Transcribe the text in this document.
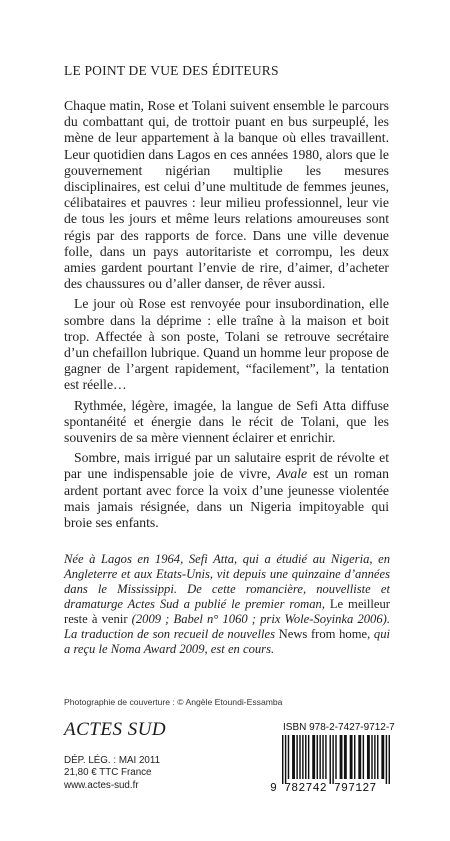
LE POINT DE VUE DES ÉDITEURS

Chaque matin, Rose et Tolani suivent ensemble le parcours du combattant qui, de trottoir puant en bus surpeuplé, les mène de leur appartement à la banque où elles travaillent. Leur quotidien dans Lagos en ces années 1980, alors que le gouvernement nigérian multiplie les mesures disciplinaires, est celui d’une multitude de femmes jeunes, célibataires et pauvres : leur milieu professionnel, leur vie de tous les jours et même leurs relations amoureuses sont régis par des rapports de force. Dans une ville devenue folle, dans un pays autoritariste et corrompu, les deux amies gardent pourtant l’envie de rire, d’aimer, d’acheter des chaussures ou d’aller danser, de rêver aussi.

Le jour où Rose est renvoyée pour insubordination, elle sombre dans la déprime : elle traîne à la maison et boit trop. Affectée à son poste, Tolani se retrouve secrétaire d’un chefaillon lubrique. Quand un homme leur propose de gagner de l’argent rapidement, “facilement”, la tentation est réelle…

Rythmée, légère, imagée, la langue de Sefi Atta diffuse spontanéité et énergie dans le récit de Tolani, que les souvenirs de sa mère viennent éclairer et enrichir.

Sombre, mais irrigué par un salutaire esprit de révolte et par une indispensable joie de vivre, Avale est un roman ardent portant avec force la voix d’une jeunesse violentée mais jamais résignée, dans un Nigeria impitoyable qui broie ses enfants.

Née à Lagos en 1964, Sefi Atta, qui a étudié au Nigeria, en Angleterre et aux Etats-Unis, vit depuis une quinzaine d’années dans le Mississippi. De cette romancière, nouvelliste et dramaturge Actes Sud a publié le premier roman, Le meilleur reste à venir (2009 ; Babel n° 1060 ; prix Wole-Soyinka 2006). La traduction de son recueil de nouvelles News from home, qui a reçu le Noma Award 2009, est en cours.

Photographie de couverture : © Angèle Etoundi-Essamba
ACTES SUD
DÉP. LÉG. : MAI 2011
21,80 € TTC France
www.actes-sud.fr
ISBN 978-2-7427-9712-7
9 782742 797127
